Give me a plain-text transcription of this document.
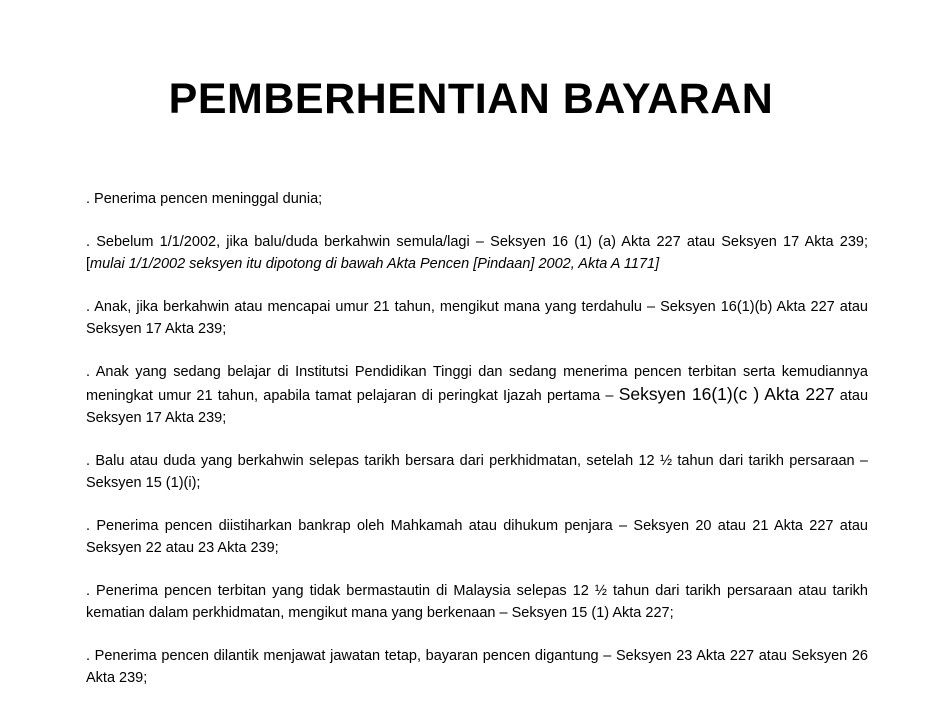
PEMBERHENTIAN BAYARAN
. Penerima pencen meninggal dunia;
. Sebelum 1/1/2002, jika balu/duda berkahwin semula/lagi – Seksyen 16 (1) (a) Akta 227 atau Seksyen 17 Akta 239; [mulai 1/1/2002 seksyen itu dipotong di bawah Akta Pencen [Pindaan] 2002, Akta A 1171]
. Anak, jika berkahwin atau mencapai umur 21 tahun, mengikut mana yang terdahulu – Seksyen 16(1)(b) Akta 227 atau Seksyen 17 Akta 239;
. Anak yang sedang belajar di Institutsi Pendidikan Tinggi dan sedang menerima pencen terbitan serta kemudiannya meningkat umur 21 tahun, apabila tamat pelajaran di peringkat Ijazah pertama – Seksyen 16(1)(c ) Akta 227 atau Seksyen 17 Akta 239;
. Balu atau duda yang berkahwin selepas tarikh bersara dari perkhidmatan, setelah 12 ½ tahun dari tarikh persaraan – Seksyen 15 (1)(i);
. Penerima pencen diistiharkan bankrap oleh Mahkamah atau dihukum penjara – Seksyen 20 atau 21 Akta 227 atau Seksyen 22 atau 23 Akta 239;
. Penerima pencen terbitan yang tidak bermastautin di Malaysia selepas 12 ½ tahun dari tarikh persaraan atau tarikh kematian dalam perkhidmatan, mengikut mana yang berkenaan – Seksyen 15 (1) Akta 227;
. Penerima pencen dilantik menjawat jawatan tetap, bayaran pencen digantung – Seksyen 23 Akta 227 atau Seksyen 26 Akta 239;
